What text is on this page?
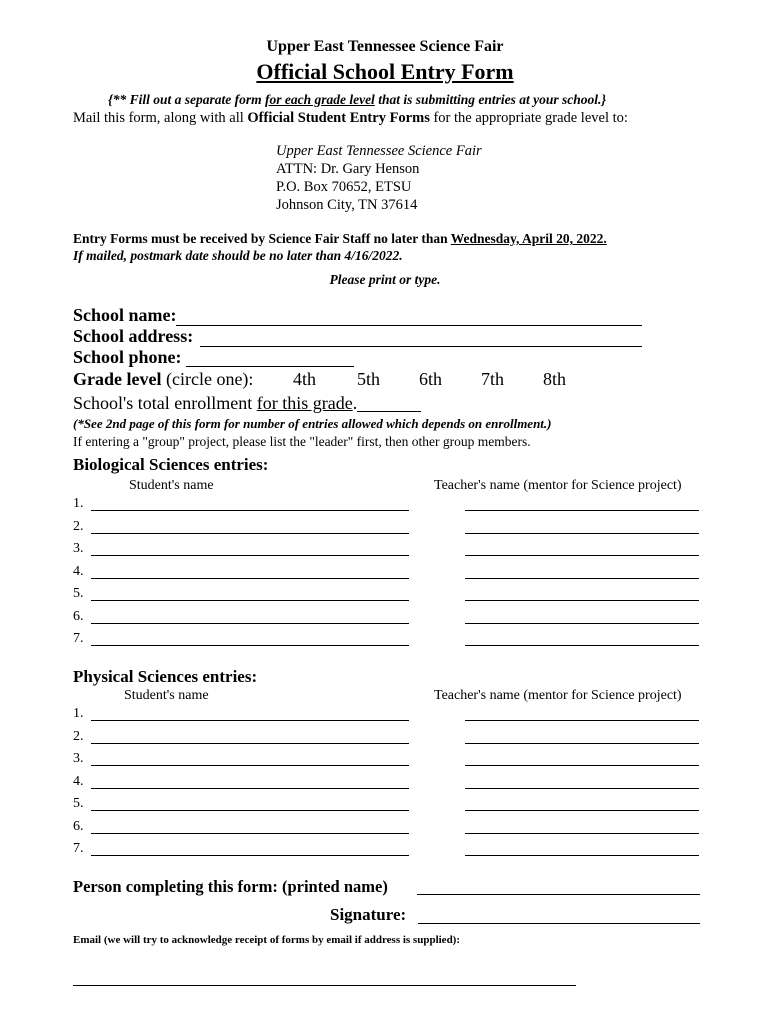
Upper East Tennessee Science Fair
Official School Entry Form
{** Fill out a separate form for each grade level that is submitting entries at your school.}
Mail this form, along with all Official Student Entry Forms for the appropriate grade level to:
Upper East Tennessee Science Fair
ATTN: Dr. Gary Henson
P.O. Box 70652, ETSU
Johnson City, TN 37614
Entry Forms must be received by Science Fair Staff no later than Wednesday, April 20, 2022.
If mailed, postmark date should be no later than 4/16/2022.
Please print or type.
School name:
School address:
School phone:
Grade level (circle one): 4th 5th 6th 7th 8th
School's total enrollment for this grade.
(*See 2nd page of this form for number of entries allowed which depends on enrollment.)
If entering a "group" project, please list the "leader" first, then other group members.
Biological Sciences entries:
Student's name	Teacher's name (mentor for Science project)
1.
2.
3.
4.
5.
6.
7.
Physical Sciences entries:
Student's name	Teacher's name (mentor for Science project)
1.
2.
3.
4.
5.
6.
7.
Person completing this form: (printed name)
Signature:
Email (we will try to acknowledge receipt of forms by email if address is supplied):
